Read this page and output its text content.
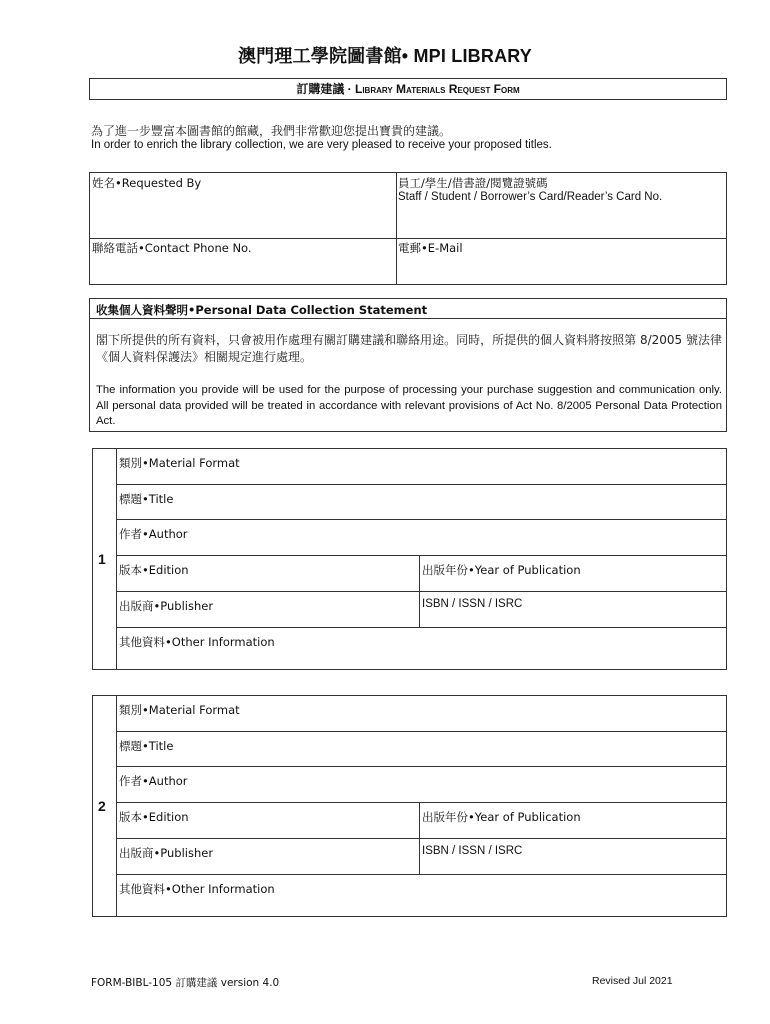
澳門理工學院圖書館• MPI LIBRARY
訂購建議 · Library Materials Request Form
為了進一步豐富本圖書館的館藏，我們非常歡迎您提出寶貴的建議。
In order to enrich the library collection, we are very pleased to receive your proposed titles.
姓名•Requested By	員工/學生/借書證/閱覽證號碼
Staff / Student / Borrower’s Card/Reader’s Card No.
聯絡電話•Contact Phone No.	電郵•E-Mail
收集個人資料聲明•Personal Data Collection Statement
閣下所提供的所有資料，只會被用作處理有關訂購建議和聯絡用途。同時，所提供的個人資料將按照第 8/2005 號法律《個人資料保護法》相關規定進行處理。
The information you provide will be used for the purpose of processing your purchase suggestion and communication only. All personal data provided will be treated in accordance with relevant provisions of Act No. 8/2005 Personal Data Protection Act.
1
類別•Material Format
標題•Title
作者•Author
版本•Edition	出版年份•Year of Publication
出版商•Publisher	ISBN / ISSN / ISRC
其他資料•Other Information
2
類別•Material Format
標題•Title
作者•Author
版本•Edition	出版年份•Year of Publication
出版商•Publisher	ISBN / ISSN / ISRC
其他資料•Other Information
FORM-BIBL-105 訂購建議 version 4.0	Revised Jul 2021
